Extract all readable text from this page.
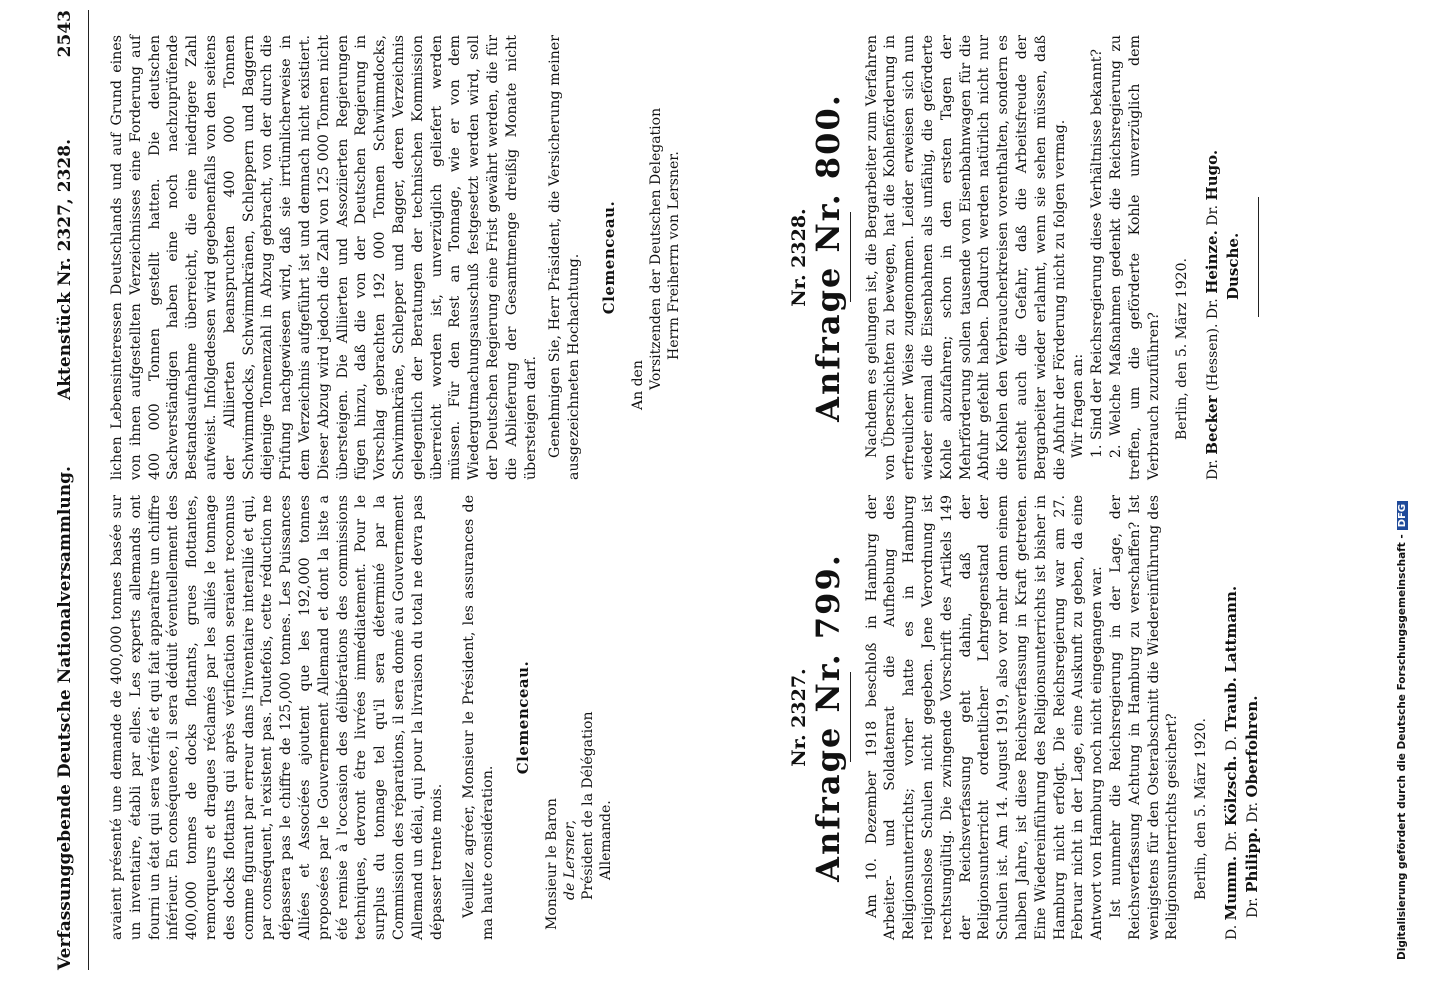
Verfassunggebende Deutsche Nationalversammlung.
Aktenstück Nr. 2327, 2328.
2543

avaient présenté une demande de 400,000 tonnes basée sur un inventaire, établi par elles. Les experts allemands ont fourni un état qui sera vérifié et qui fait apparaître un chiffre inférieur. En conséquence, il sera déduit éventuellement des 400,000 tonnes de docks flottants, grues flottantes, remorqueurs et dragues réclamés par les alliés le tonnage des docks flottants qui après vérification seraient reconnus comme figurant par erreur dans l'inventaire interallié et qui, par conséquent, n'existent pas. Toutefois, cette réduction ne dépassera pas le chiffre de 125,000 tonnes. Les Puissances Alliées et Associées ajoutent que les 192,000 tonnes proposées par le Gouvernement Allemand et dont la liste a été remise à l'occasion des délibérations des commissions techniques, devront être livrées immédiatement. Pour le surplus du tonnage tel qu'il sera déterminé par la Commission des réparations, il sera donné au Gouvernement Allemand un délai, qui pour la livraison du total ne devra pas dépasser trente mois. Veuillez agréer, Monsieur le Président, les assurances de ma haute considération.

Clemenceau.
Monsieur le Baron de Lersner, Président de la Délégation Allemande.

lichen Lebensinteressen Deutschlands und auf Grund eines von ihnen aufgestellten Verzeichnisses eine Forderung auf 400 000 Tonnen gestellt hatten. Die deutschen Sachverständigen haben eine noch nachzuprüfende Bestandsaufnahme überreicht, die eine niedrigere Zahl aufweist. Infolgedessen wird gegebenenfalls von den seitens der Alliierten beanspruchten 400 000 Tonnen Schwimmdocks, Schwimmkränen, Schleppern und Baggern diejenige Tonnenzahl in Abzug gebracht, von der durch die Prüfung nachgewiesen wird, daß sie irrtümlicherweise in dem Verzeichnis aufgeführt ist und demnach nicht existiert. Dieser Abzug wird jedoch die Zahl von 125 000 Tonnen nicht übersteigen. Die Alliierten und Assoziierten Regierungen fügen hinzu, daß die von der Deutschen Regierung in Vorschlag gebrachten 192 000 Tonnen Schwimmdocks, Schwimmkräne, Schlepper und Bagger, deren Verzeichnis gelegentlich der Beratungen der technischen Kommission überreicht worden ist, unverzüglich geliefert werden müssen. Für den Rest an Tonnage, wie er von dem Wiedergutmachungsausschuß festgesetzt werden wird, soll der Deutschen Regierung eine Frist gewährt werden, die für die Ablieferung der Gesamtmenge dreißig Monate nicht übersteigen darf. Genehmigen Sie, Herr Präsident, die Versicherung meiner ausgezeichneten Hochachtung. Clemenceau.
An den Vorsitzenden der Deutschen Delegation Herrn Freiherrn von Lersner.
Nr. 2327.
Anfrage Nr. 799. Am 10. Dezember 1918 beschloß in Hamburg der Arbeiter- und Soldatenrat die Aufhebung des Religionsunterrichts; vorher hatte es in Hamburg religionslose Schulen nicht gegeben. Jene Verordnung ist rechtsungültig. Die zwingende Vorschrift des Artikels 149 der Reichsverfassung geht dahin, daß der Religionsunterricht ordentlicher Lehrgegenstand der Schulen ist. Am 14. August 1919, also vor mehr denn einem halben Jahre, ist diese Reichsverfassung in Kraft getreten. Eine Wiedereinführung des Religionsunterrichts ist bisher in Hamburg nicht erfolgt. Die Reichsregierung war am 27. Februar nicht in der Lage, eine Auskunft zu geben, da eine Antwort von Hamburg noch nicht eingegangen war. Ist nunmehr die Reichsregierung in der Lage, der Reichsverfassung Achtung in Hamburg zu verschaffen? Ist wenigstens für den Osterabschnitt die Wiedereinführung des Religionsunterrichts gesichert? Berlin, den 5. März 1920.
D. Mumm. Dr. Kölzsch. D. Traub. Lattmann.
Dr. Philipp. Dr. Oberfohren.
Nr. 2328.
Anfrage Nr. 800. Nachdem es gelungen ist, die Bergarbeiter zum Verfahren von Überschichten zu bewegen, hat die Kohlenförderung in erfreulicher Weise zugenommen. Leider erweisen sich nun wieder einmal die Eisenbahnen als unfähig, die geförderte Kohle abzufahren; schon in den ersten Tagen der Mehrförderung sollen tausende von Eisenbahnwagen für die Abfuhr gefehlt haben. Dadurch werden natürlich nicht nur die Kohlen den Verbraucherkreisen vorenthalten, sondern es entsteht auch die Gefahr, daß die Arbeitsfreude der Bergarbeiter wieder erlahmt, wenn sie sehen müssen, daß die Abfuhr der Förderung nicht zu folgen vermag. Wir fragen an: 1. Sind der Reichsregierung diese Verhältnisse bekannt? 2. Welche Maßnahmen gedenkt die Reichsregierung zu treffen, um die geförderte Kohle unverzüglich dem Verbrauch zuzuführen? Berlin, den 5. März 1920.
Dr. Becker (Hessen). Dr. Heinze. Dr. Hugo.
Dusche.
Digitalisierung gefördert durch die Deutsche Forschungsgemeinschaft -DFG
